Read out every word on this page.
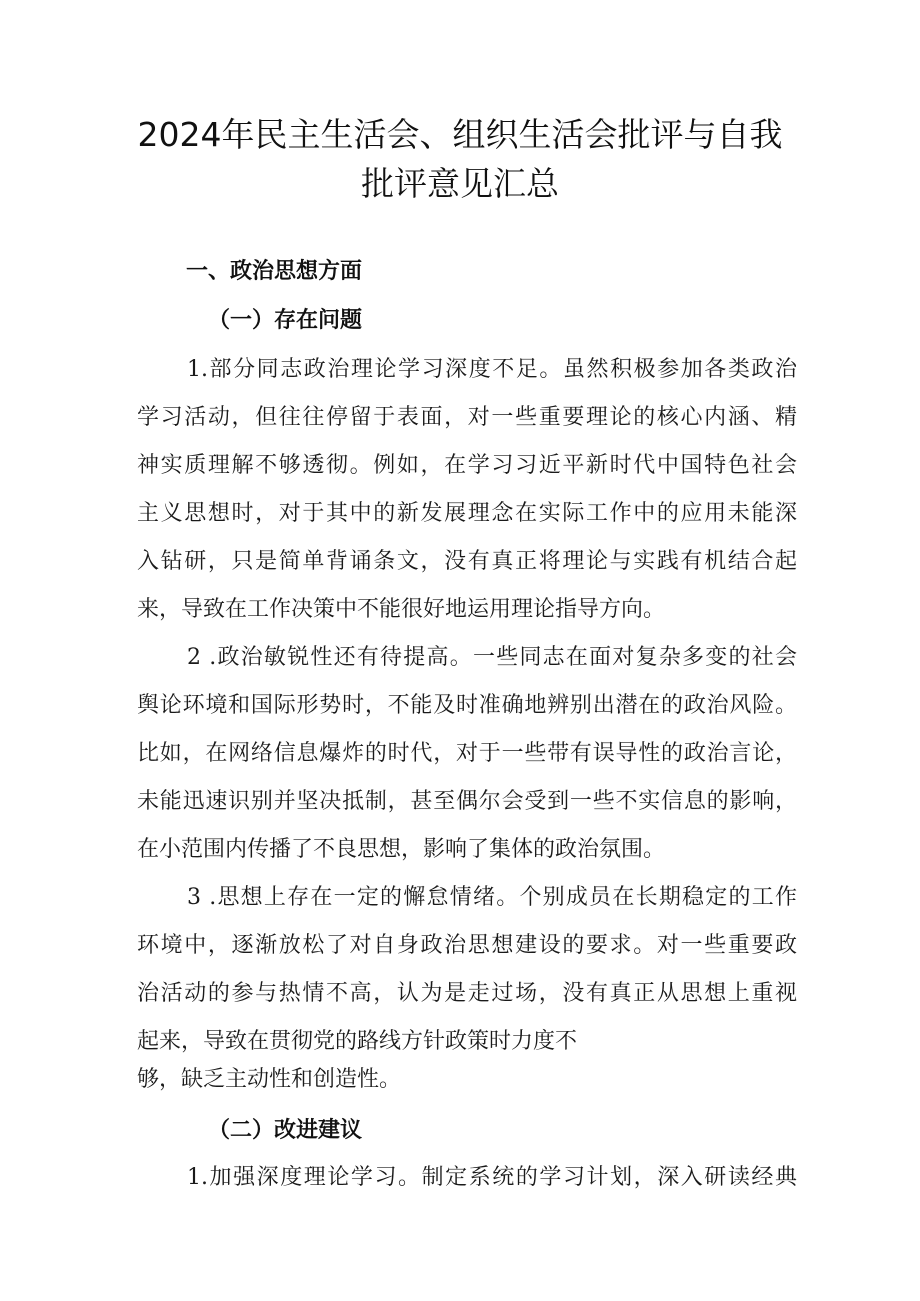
2024年民主生活会、组织生活会批评与自我
批评意见汇总
一、政治思想方面
（一）存在问题

1.部分同志政治理论学习深度不足。虽然积极参加各类政治

学习活动，但往往停留于表面，对一些重要理论的核心内涵、精

神实质理解不够透彻。例如，在学习习近平新时代中国特色社会

主义思想时，对于其中的新发展理念在实际工作中的应用未能深

入钻研，只是简单背诵条文，没有真正将理论与实践有机结合起

来，导致在工作决策中不能很好地运用理论指导方向。

2 .政治敏锐性还有待提高。一些同志在面对复杂多变的社会

舆论环境和国际形势时，不能及时准确地辨别出潜在的政治风险。

比如，在网络信息爆炸的时代，对于一些带有误导性的政治言论，

未能迅速识别并坚决抵制，甚至偶尔会受到一些不实信息的影响，

在小范围内传播了不良思想，影响了集体的政治氛围。

3 .思想上存在一定的懈怠情绪。个别成员在长期稳定的工作

环境中，逐渐放松了对自身政治思想建设的要求。对一些重要政

治活动的参与热情不高，认为是走过场，没有真正从思想上重视

起来，导致在贯彻党的路线方针政策时力度不

够，缺乏主动性和创造性。

（二）改进建议

1.加强深度理论学习。制定系统的学习计划，深入研读经典
